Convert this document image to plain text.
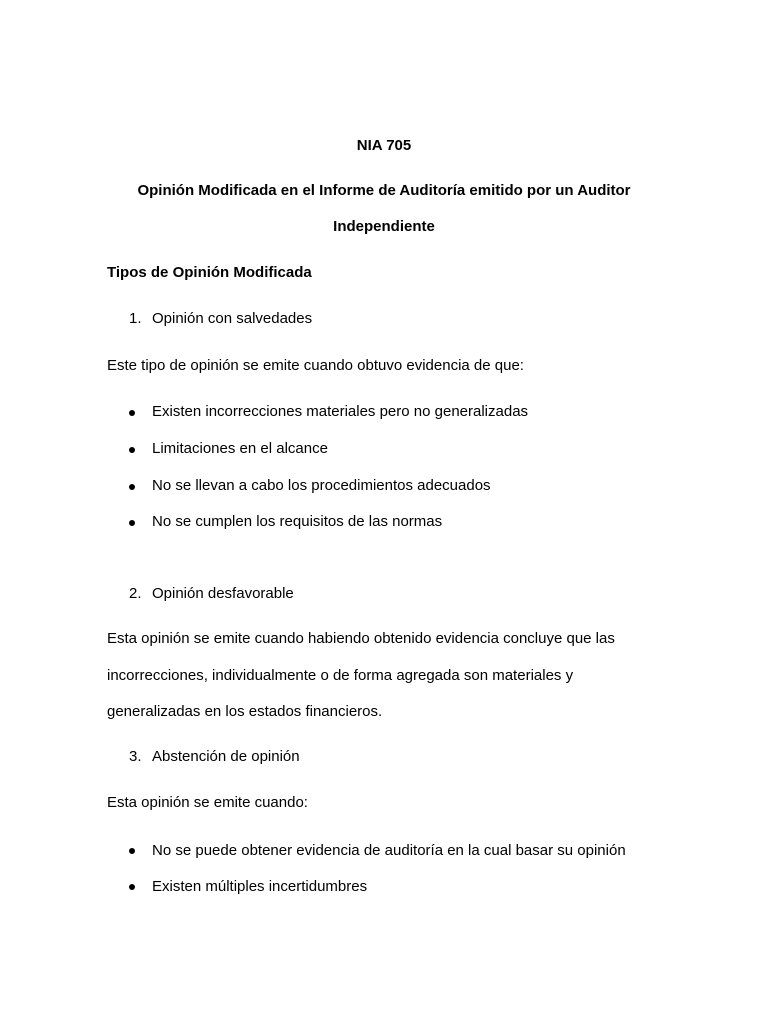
NIA 705
Opinión Modificada en el Informe de Auditoría emitido por un Auditor
Independiente
Tipos de Opinión Modificada
1. Opinión con salvedades
Este tipo de opinión se emite cuando obtuvo evidencia de que:
Existen incorrecciones materiales pero no generalizadas
Limitaciones en el alcance
No se llevan a cabo los procedimientos adecuados
No se cumplen los requisitos de las normas
2. Opinión desfavorable
Esta opinión se emite cuando habiendo obtenido evidencia concluye que las
incorrecciones, individualmente o de forma agregada son materiales y
generalizadas en los estados financieros.
3. Abstención de opinión
Esta opinión se emite cuando:
No se puede obtener evidencia de auditoría en la cual basar su opinión
Existen múltiples incertidumbres
